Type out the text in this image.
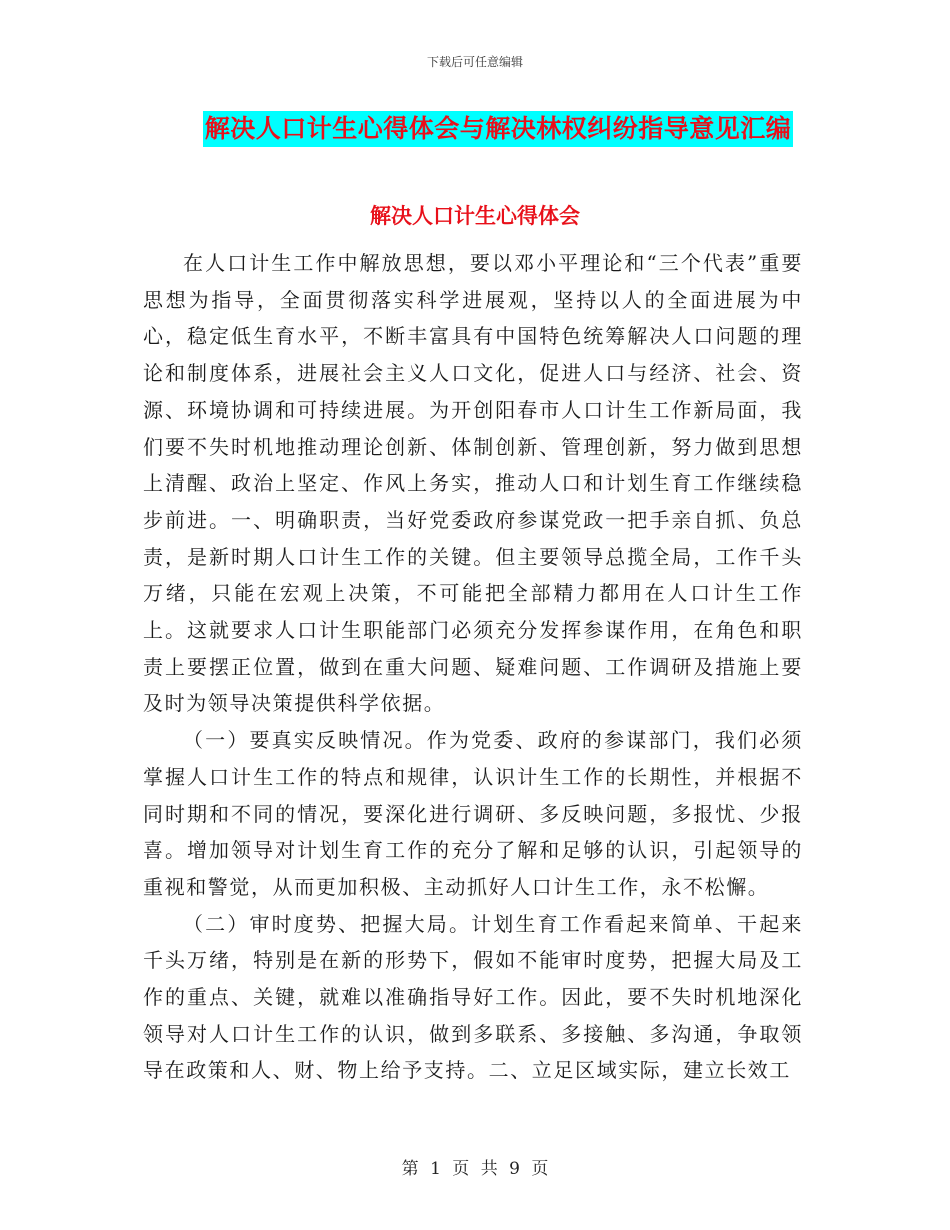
下载后可任意编辑
解决人口计生心得体会与解决林权纠纷指导意见汇编
解决人口计生心得体会

在人口计生工作中解放思想，要以邓小平理论和“三个代表”重要思想为指导，全面贯彻落实科学进展观，坚持以人的全面进展为中心，稳定低生育水平，不断丰富具有中国特色统筹解决人口问题的理论和制度体系，进展社会主义人口文化，促进人口与经济、社会、资源、环境协调和可持续进展。为开创阳春市人口计生工作新局面，我们要不失时机地推动理论创新、体制创新、管理创新，努力做到思想上清醒、政治上坚定、作风上务实，推动人口和计划生育工作继续稳步前进。一、明确职责，当好党委政府参谋党政一把手亲自抓、负总责，是新时期人口计生工作的关键。但主要领导总揽全局，工作千头万绪，只能在宏观上决策，不可能把全部精力都用在人口计生工作上。这就要求人口计生职能部门必须充分发挥参谋作用，在角色和职责上要摆正位置，做到在重大问题、疑难问题、工作调研及措施上要及时为领导决策提供科学依据。

（一）要真实反映情况。作为党委、政府的参谋部门，我们必须掌握人口计生工作的特点和规律，认识计生工作的长期性，并根据不同时期和不同的情况，要深化进行调研、多反映问题，多报忧、少报喜。增加领导对计划生育工作的充分了解和足够的认识，引起领导的重视和警觉，从而更加积极、主动抓好人口计生工作，永不松懈。

（二）审时度势、把握大局。计划生育工作看起来简单、干起来千头万绪，特别是在新的形势下，假如不能审时度势，把握大局及工作的重点、关键，就难以准确指导好工作。因此，要不失时机地深化领导对人口计生工作的认识，做到多联系、多接触、多沟通，争取领导在政策和人、财、物上给予支持。二、立足区域实际，建立长效工

第 1 页 共 9 页
